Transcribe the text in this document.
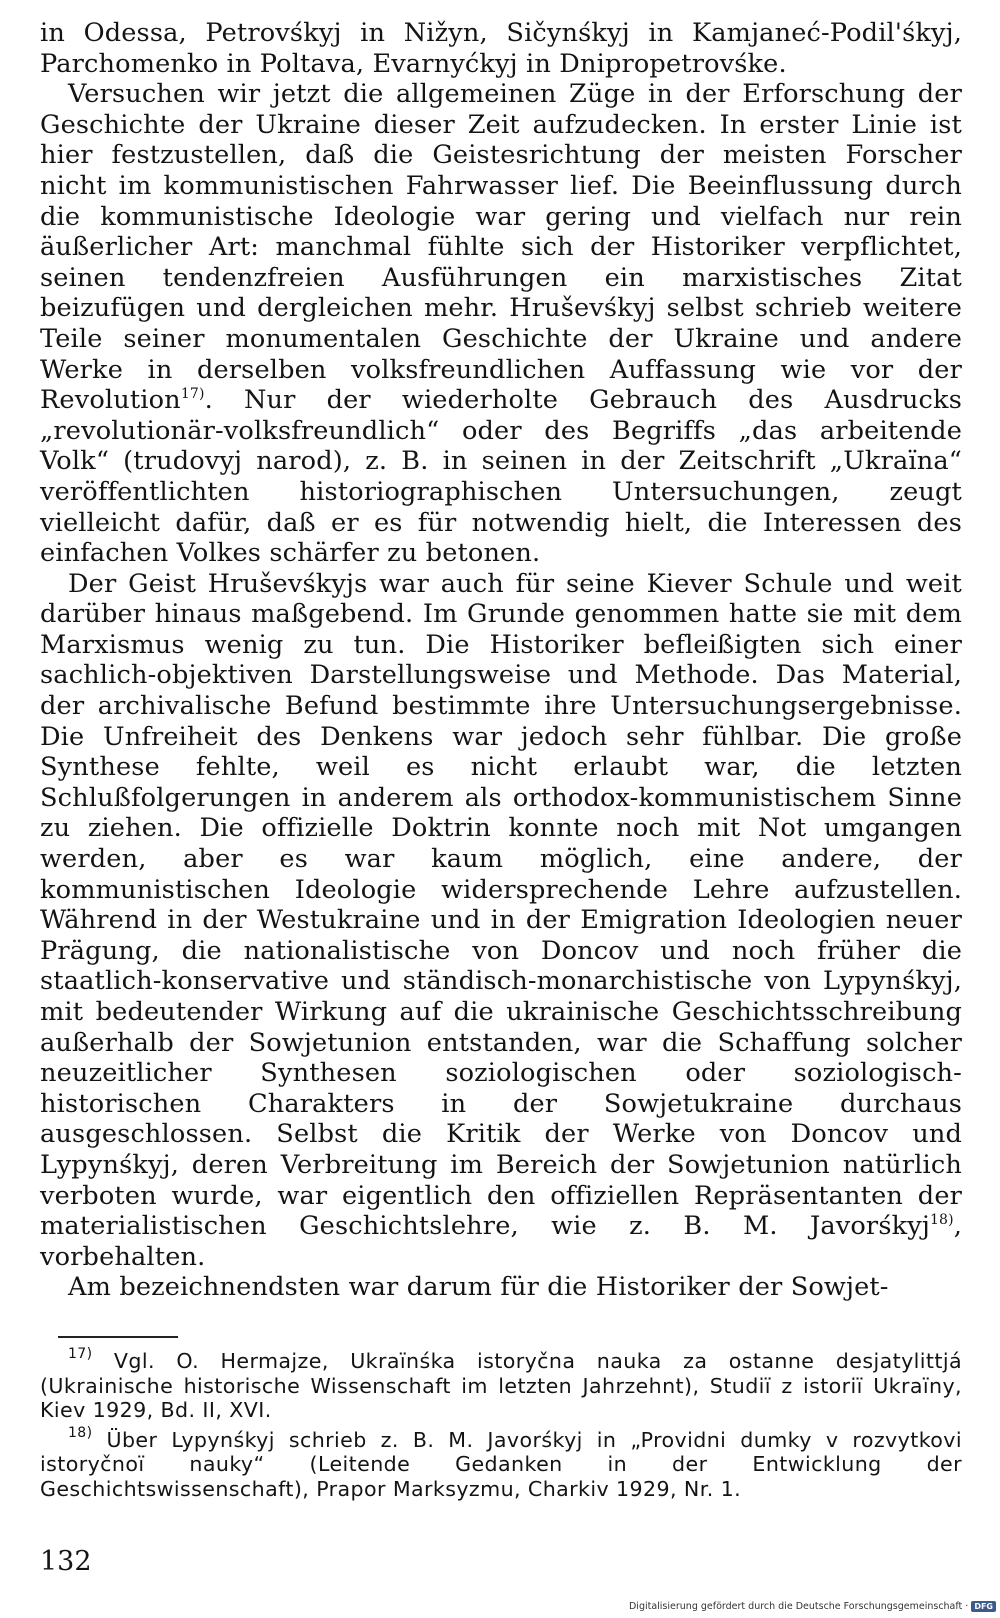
in Odessa, Petrovśkyj in Nižyn, Sičynśkyj in Kamjaneć-Podil'śkyj, Parchomenko in Poltava, Evarnyćkyj in Dnipropetrovśke.

Versuchen wir jetzt die allgemeinen Züge in der Erforschung der Geschichte der Ukraine dieser Zeit aufzudecken. In erster Linie ist hier festzustellen, daß die Geistesrichtung der meisten Forscher nicht im kommunistischen Fahrwasser lief. Die Beeinflussung durch die kommunistische Ideologie war gering und vielfach nur rein äußerlicher Art: manchmal fühlte sich der Historiker verpflichtet, seinen tendenzfreien Ausführungen ein marxistisches Zitat beizufügen und dergleichen mehr. Hruševśkyj selbst schrieb weitere Teile seiner monumentalen Geschichte der Ukraine und andere Werke in derselben volksfreundlichen Auffassung wie vor der Revolution$^{17)}$. Nur der wiederholte Gebrauch des Ausdrucks „revolutionär-volksfreundlich“ oder des Begriffs „das arbeitende Volk“ (trudovyj narod), z. B. in seinen in der Zeitschrift „Ukraïna“ veröffentlichten historiographischen Untersuchungen, zeugt vielleicht dafür, daß er es für notwendig hielt, die Interessen des einfachen Volkes schärfer zu betonen.

Der Geist Hruševśkyjs war auch für seine Kiever Schule und weit darüber hinaus maßgebend. Im Grunde genommen hatte sie mit dem Marxismus wenig zu tun. Die Historiker befleißigten sich einer sachlich-objektiven Darstellungsweise und Methode. Das Material, der archivalische Befund bestimmte ihre Untersuchungsergebnisse. Die Unfreiheit des Denkens war jedoch sehr fühlbar. Die große Synthese fehlte, weil es nicht erlaubt war, die letzten Schlußfolgerungen in anderem als orthodox-kommunistischem Sinne zu ziehen. Die offizielle Doktrin konnte noch mit Not umgangen werden, aber es war kaum möglich, eine andere, der kommunistischen Ideologie widersprechende Lehre aufzustellen. Während in der Westukraine und in der Emigration Ideologien neuer Prägung, die nationalistische von Doncov und noch früher die staatlich-konservative und ständisch-monarchistische von Lypynśkyj, mit bedeutender Wirkung auf die ukrainische Geschichtsschreibung außerhalb der Sowjetunion entstanden, war die Schaffung solcher neuzeitlicher Synthesen soziologischen oder soziologisch-historischen Charakters in der Sowjetukraine durchaus ausgeschlossen. Selbst die Kritik der Werke von Doncov und Lypynśkyj, deren Verbreitung im Bereich der Sowjetunion natürlich verboten wurde, war eigentlich den offiziellen Repräsentanten der materialistischen Geschichtslehre, wie z. B. M. Javorśkyj$^{18)}$, vorbehalten.

Am bezeichnendsten war darum für die Historiker der Sowjet-

$^{17)}$ Vgl. O. Hermajze, Ukraïnśka istoryčna nauka za ostanne desjatylittjá (Ukrainische historische Wissenschaft im letzten Jahrzehnt), Studiï z istoriï Ukraïny, Kiev 1929, Bd. II, XVI.

$^{18)}$ Über Lypynśkyj schrieb z. B. M. Javorśkyj in „Providni dumky v rozvytkovi istoryčnoï nauky“ (Leitende Gedanken in der Entwicklung der Geschichtswissenschaft), Prapor Marksyzmu, Charkiv 1929, Nr. 1.

132
Digitalisierung gefördert durch die Deutsche Forschungsgemeinschaft · DFG
